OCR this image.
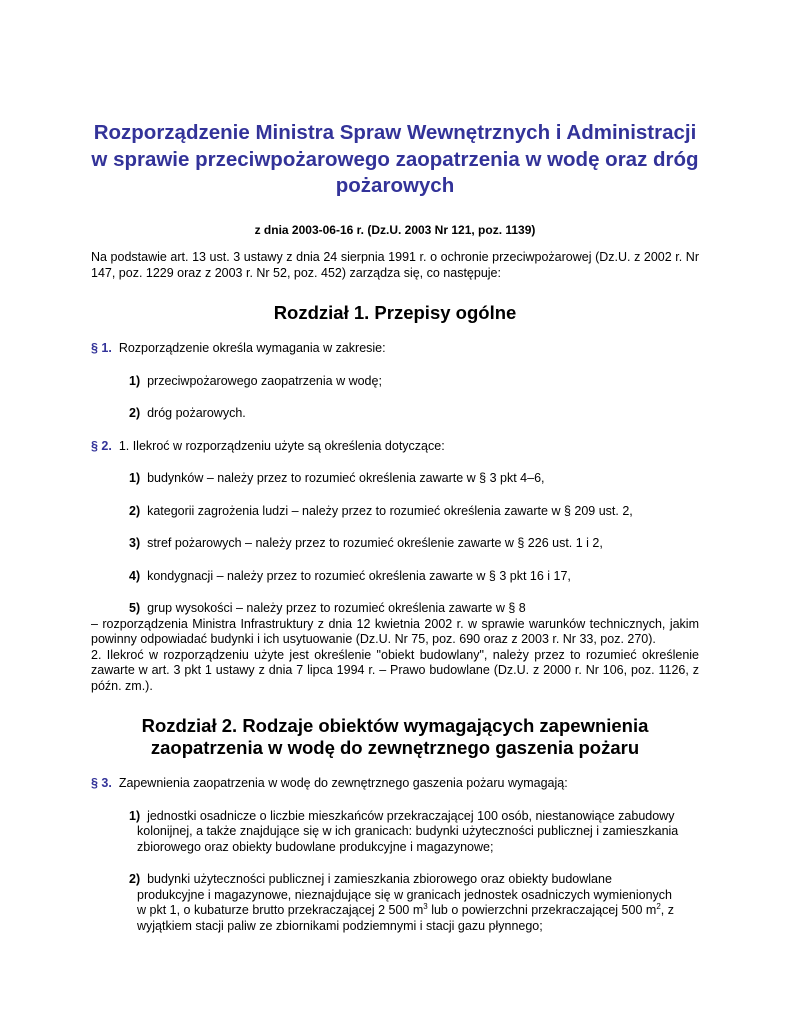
Rozporządzenie Ministra Spraw Wewnętrznych i Administracji w sprawie przeciwpożarowego zaopatrzenia w wodę oraz dróg pożarowych
z dnia 2003-06-16 r. (Dz.U. 2003 Nr 121, poz. 1139)
Na podstawie art. 13 ust. 3 ustawy z dnia 24 sierpnia 1991 r. o ochronie przeciwpożarowej (Dz.U. z 2002 r. Nr 147, poz. 1229 oraz z 2003 r. Nr 52, poz. 452) zarządza się, co następuje:
Rozdział 1. Przepisy ogólne

§ 1. Rozporządzenie określa wymagania w zakresie:

1) przeciwpożarowego zaopatrzenia w wodę;

2) dróg pożarowych.

§ 2. 1. Ilekroć w rozporządzeniu użyte są określenia dotyczące:

1) budynków – należy przez to rozumieć określenia zawarte w § 3 pkt 4–6,

2) kategorii zagrożenia ludzi – należy przez to rozumieć określenia zawarte w § 209 ust. 2,

3) stref pożarowych – należy przez to rozumieć określenie zawarte w § 226 ust. 1 i 2,

4) kondygnacji – należy przez to rozumieć określenia zawarte w § 3 pkt 16 i 17,

5) grup wysokości – należy przez to rozumieć określenia zawarte w § 8

– rozporządzenia Ministra Infrastruktury z dnia 12 kwietnia 2002 r. w sprawie warunków technicznych, jakim powinny odpowiadać budynki i ich usytuowanie (Dz.U. Nr 75, poz. 690 oraz z 2003 r. Nr 33, poz. 270).

2. Ilekroć w rozporządzeniu użyte jest określenie "obiekt budowlany", należy przez to rozumieć określenie zawarte w art. 3 pkt 1 ustawy z dnia 7 lipca 1994 r. – Prawo budowlane (Dz.U. z 2000 r. Nr 106, poz. 1126, z późn. zm.).

Rozdział 2. Rodzaje obiektów wymagających zapewnienia
zaopatrzenia w wodę do zewnętrznego gaszenia pożaru

§ 3. Zapewnienia zaopatrzenia w wodę do zewnętrznego gaszenia pożaru wymagają:

1) jednostki osadnicze o liczbie mieszkańców przekraczającej 100 osób, niestanowiące zabudowy
kolonijnej, a także znajdujące się w ich granicach: budynki użyteczności publicznej i zamieszkania
zbiorowego oraz obiekty budowlane produkcyjne i magazynowe;

2) budynki użyteczności publicznej i zamieszkania zbiorowego oraz obiekty budowlane
produkcyjne i magazynowe, nieznajdujące się w granicach jednostek osadniczych wymienionych
w pkt 1, o kubaturze brutto przekraczającej 2 500 $m^3$ lub o powierzchni przekraczającej 500 $m^2$, z
wyjątkiem stacji paliw ze zbiornikami podziemnymi i stacji gazu płynnego;
